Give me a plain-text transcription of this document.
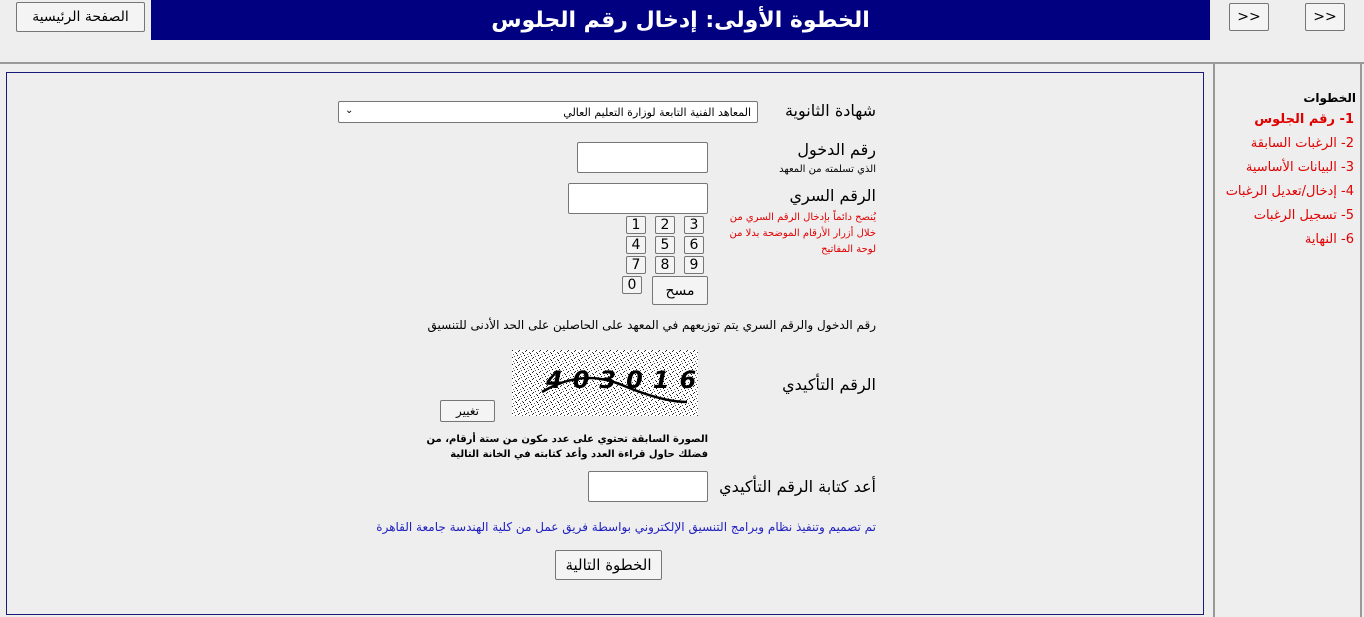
الصفحة الرئيسية	الخطوة الأولى: إدخال رقم الجلوس	>>	>>
الخطوات
1- رقم الجلوس
2- الرغبات السابقة
3- البيانات الأساسية
4- إدخال/تعديل الرغبات
5- تسجيل الرغبات
6- النهاية
شهادة الثانوية
المعاهد الفنية التابعة لوزارة التعليم العالي
⌄
رقم الدخول
الذي تسلمته من المعهد
الرقم السري
يُنصح دائماً بإدخال الرقم السري من خلال أزرار الأرقام الموضحة بدلا من لوحة المفاتيح
3
2
1
6
5
4
9
8
7
مسح
0
رقم الدخول والرقم السري يتم توزيعهم في المعهد على الحاصلين على الحد الأدنى للتنسيق
الرقم التأكيدي
403016
تغيير
الصورة السابقة تحتوي على عدد مكون من ستة أرقام، من فضلك حاول قراءة العدد وأعد كتابته في الخانة التالية
أعد كتابة الرقم التأكيدي
تم تصميم وتنفيذ نظام وبرامج التنسيق الإلكتروني بواسطة فريق عمل من كلية الهندسة جامعة القاهرة
الخطوة التالية
